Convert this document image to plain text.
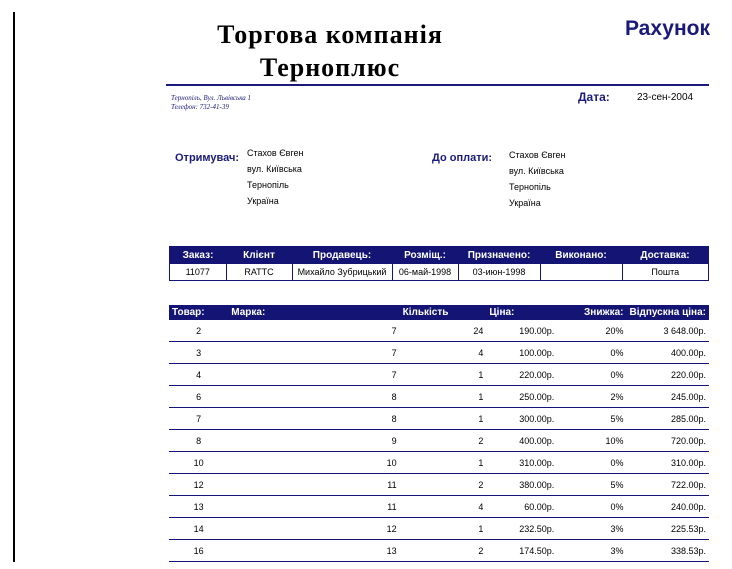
Торгова компанія
Терноплюс
Рахунок
Тернопіль, Вул. Львівська 1
Телефон: 732-41-39
Дата:	23-сен-2004
Отримувач: Стахов Євген
вул. Київська
Тернопіль
Україна
До оплати: Стахов Євген
вул. Київська
Тернопіль
Україна
Заказ:	Клієнт	Продавець:	Розміщ.:	Призначено:	Виконано:	Доставка:
11077	RATTC	Михайло Зубрицький	06-май-1998	03-июн-1998		Пошта
Товар:	Марка:	Кількість	Ціна:	Знижка:	Відпускна ціна:
2	7	24	190.00р.	20%	3 648.00р.
3	7	4	100.00р.	0%	400.00р.
4	7	1	220.00р.	0%	220.00р.
6	8	1	250.00р.	2%	245.00р.
7	8	1	300.00р.	5%	285.00р.
8	9	2	400.00р.	10%	720.00р.
10	10	1	310.00р.	0%	310.00р.
12	11	2	380.00р.	5%	722.00р.
13	11	4	60.00р.	0%	240.00р.
14	12	1	232.50р.	3%	225.53р.
16	13	2	174.50р.	3%	338.53р.
